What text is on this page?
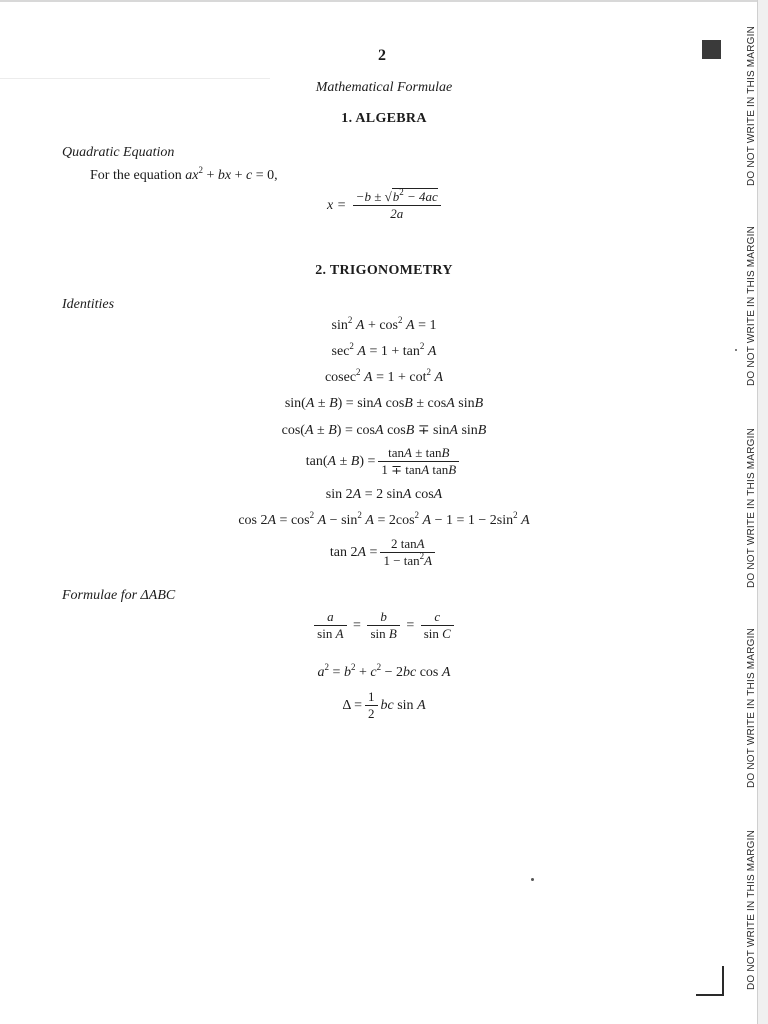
2
Mathematical Formulae
1. ALGEBRA
Quadratic Equation
For the equation $ax^2$ + bx + c = 0,
$x = \frac{-b \pm √b^2 - 4ac}{2a}$
2. TRIGONOMETRY
Identities
$\sin^2 A + \cos^2 A = 1$
$\sec^2 A = 1 + \tan^2 A$
cosec$^2$ $A = 1 + \cot^2 A$
sin(A ± B) = sinA cosB ± cosA sinB
cos(A ± B) = cosA cosB ∓ sinA sinB
$\tan(A \pm B) = \frac{\tan A \pm \tan B}{\text{1 ∓ tanA tanB}}$
sin 2A = 2 sinA cosA
$\cos 2A = \cos^2 A - \sin^2 A = 2\cos^2$ $A - 1 = 1 - 2\sin^2$ A
$\tan 2A = \frac{2 \tan A}{1 - \tan^2A}$
Formulae for ΔABC
$\frac{a}{\text{sin A}} = \frac{b}{\text{sin B}} = \frac{c}{\text{sin C}}$
$a^2 = b^2 + c^2 - 2bc$ cos A
$\Delta = \frac{1}{2}$ bc sin A
DO NOT WRITE IN THIS MARGIN
DO NOT WRITE IN THIS MARGIN
DO NOT WRITE IN THIS MARGIN
DO NOT WRITE IN THIS MARGIN
DO NOT WRITE IN THIS MARGIN
